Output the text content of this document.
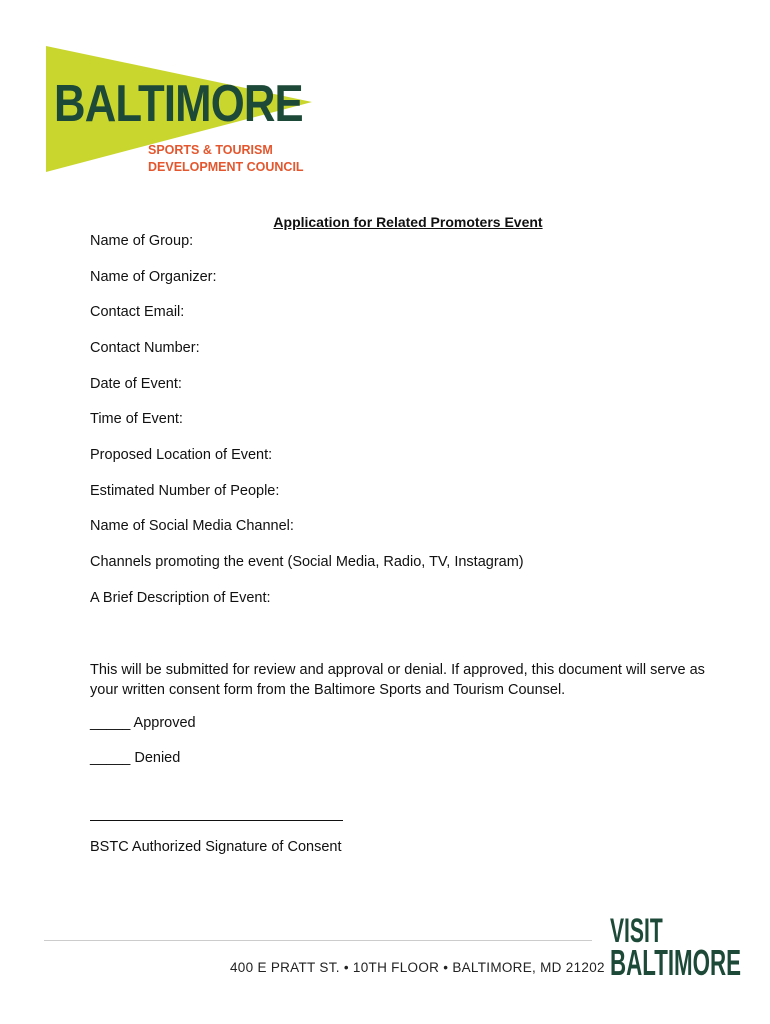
BALTIMORE
SPORTS & TOURISM
DEVELOPMENT COUNCIL
Application for Related Promoters Event
Name of Group:
Name of Organizer:
Contact Email:
Contact Number:
Date of Event:
Time of Event:
Proposed Location of Event:
Estimated Number of People:
Name of Social Media Channel:
Channels promoting the event (Social Media, Radio, TV, Instagram)
A Brief Description of Event:
This will be submitted for review and approval or denial. If approved, this document will serve as your written consent form from the Baltimore Sports and Tourism Counsel.
_____ Approved
_____ Denied
BSTC Authorized Signature of Consent
400 E PRATT ST. • 10TH FLOOR • BALTIMORE, MD 21202
VISIT
BALTIMORE
